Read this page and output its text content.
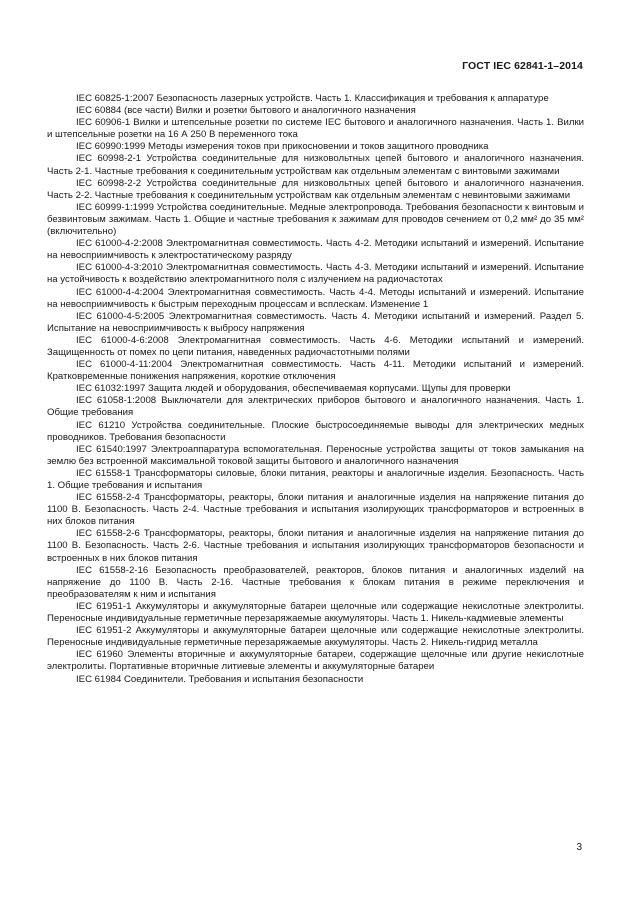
ГОСТ IEC 62841-1–2014

IEC 60825-1:2007 Безопасность лазерных устройств. Часть 1. Классификация и требования к аппаратуре

IEC 60884 (все части) Вилки и розетки бытового и аналогичного назначения

IEC 60906-1 Вилки и штепсельные розетки по системе IEC бытового и аналогичного назначения. Часть 1. Вилки и штепсельные розетки на 16 А 250 В переменного тока

IEC 60990:1999 Методы измерения токов при прикосновении и токов защитного проводника

IEC 60998-2-1 Устройства соединительные для низковольтных цепей бытового и аналогичного назначения. Часть 2-1. Частные требования к соединительным устройствам как отдельным элементам с винтовыми зажимами

IEC 60998-2-2 Устройства соединительные для низковольтных цепей бытового и аналогичного назначения. Часть 2-2. Частные требования к соединительным устройствам как отдельным элементам с невинтовыми зажимами

IEC 60999-1:1999 Устройства соединительные. Медные электропровода. Требования безопасности к винтовым и безвинтовым зажимам. Часть 1. Общие и частные требования к зажимам для проводов сечением от 0,2 мм² до 35 мм² (включительно)

IEC 61000-4-2:2008 Электромагнитная совместимость. Часть 4-2. Методики испытаний и измерений. Испытание на невосприимчивость к электростатическому разряду

IEC 61000-4-3:2010 Электромагнитная совместимость. Часть 4-3. Методики испытаний и измерений. Испытание на устойчивость к воздействию электромагнитного поля с излучением на радиочастотах

IEC 61000-4-4:2004 Электромагнитная совместимость. Часть 4-4. Методы испытаний и измерений. Испытание на невосприимчивость к быстрым переходным процессам и всплескам. Изменение 1

IEC 61000-4-5:2005 Электромагнитная совместимость. Часть 4. Методики испытаний и измерений. Раздел 5. Испытание на невосприимчивость к выбросу напряжения

IEC 61000-4-6:2008 Электромагнитная совместимость. Часть 4-6. Методики испытаний и измерений. Защищенность от помех по цепи питания, наведенных радиочастотными полями

IEC 61000-4-11:2004 Электромагнитная совместимость. Часть 4-11. Методики испытаний и измерений. Кратковременные понижения напряжения, короткие отключения

IEC 61032:1997 Защита людей и оборудования, обеспечиваемая корпусами. Щупы для проверки

IEC 61058-1:2008 Выключатели для электрических приборов бытового и аналогичного назначения. Часть 1. Общие требования

IEC 61210 Устройства соединительные. Плоские быстросоединяемые выводы для электрических медных проводников. Требования безопасности

IEC 61540:1997 Электроаппаратура вспомогательная. Переносные устройства защиты от токов замыкания на землю без встроенной максимальной токовой защиты бытового и аналогичного назначения

IEC 61558-1 Трансформаторы силовые, блоки питания, реакторы и аналогичные изделия. Безопасность. Часть 1. Общие требования и испытания

IEC 61558-2-4 Трансформаторы, реакторы, блоки питания и аналогичные изделия на напряжение питания до 1100 В. Безопасность. Часть 2-4. Частные требования и испытания изолирующих трансформаторов и встроенных в них блоков питания

IEC 61558-2-6 Трансформаторы, реакторы, блоки питания и аналогичные изделия на напряжение питания до 1100 В. Безопасность. Часть 2-6. Частные требования и испытания изолирующих трансформаторов безопасности и встроенных в них блоков питания

IEC 61558-2-16 Безопасность преобразователей, реакторов, блоков питания и аналогичных изделий на напряжение до 1100 В. Часть 2-16. Частные требования к блокам питания в режиме переключения и преобразователям к ним и испытания

IEC 61951-1 Аккумуляторы и аккумуляторные батареи щелочные или содержащие некислотные электролиты. Переносные индивидуальные герметичные перезаряжаемые аккумуляторы. Часть 1. Никель-кадмиевые элементы

IEC 61951-2 Аккумуляторы и аккумуляторные батареи щелочные или содержащие некислотные электролиты. Переносные индивидуальные герметичные перезаряжаемые аккумуляторы. Часть 2. Никель-гидрид металла

IEC 61960 Элементы вторичные и аккумуляторные батареи, содержащие щелочные или другие некислотные электролиты. Портативные вторичные литиевые элементы и аккумуляторные батареи

IEC 61984 Соединители. Требования и испытания безопасности

3
